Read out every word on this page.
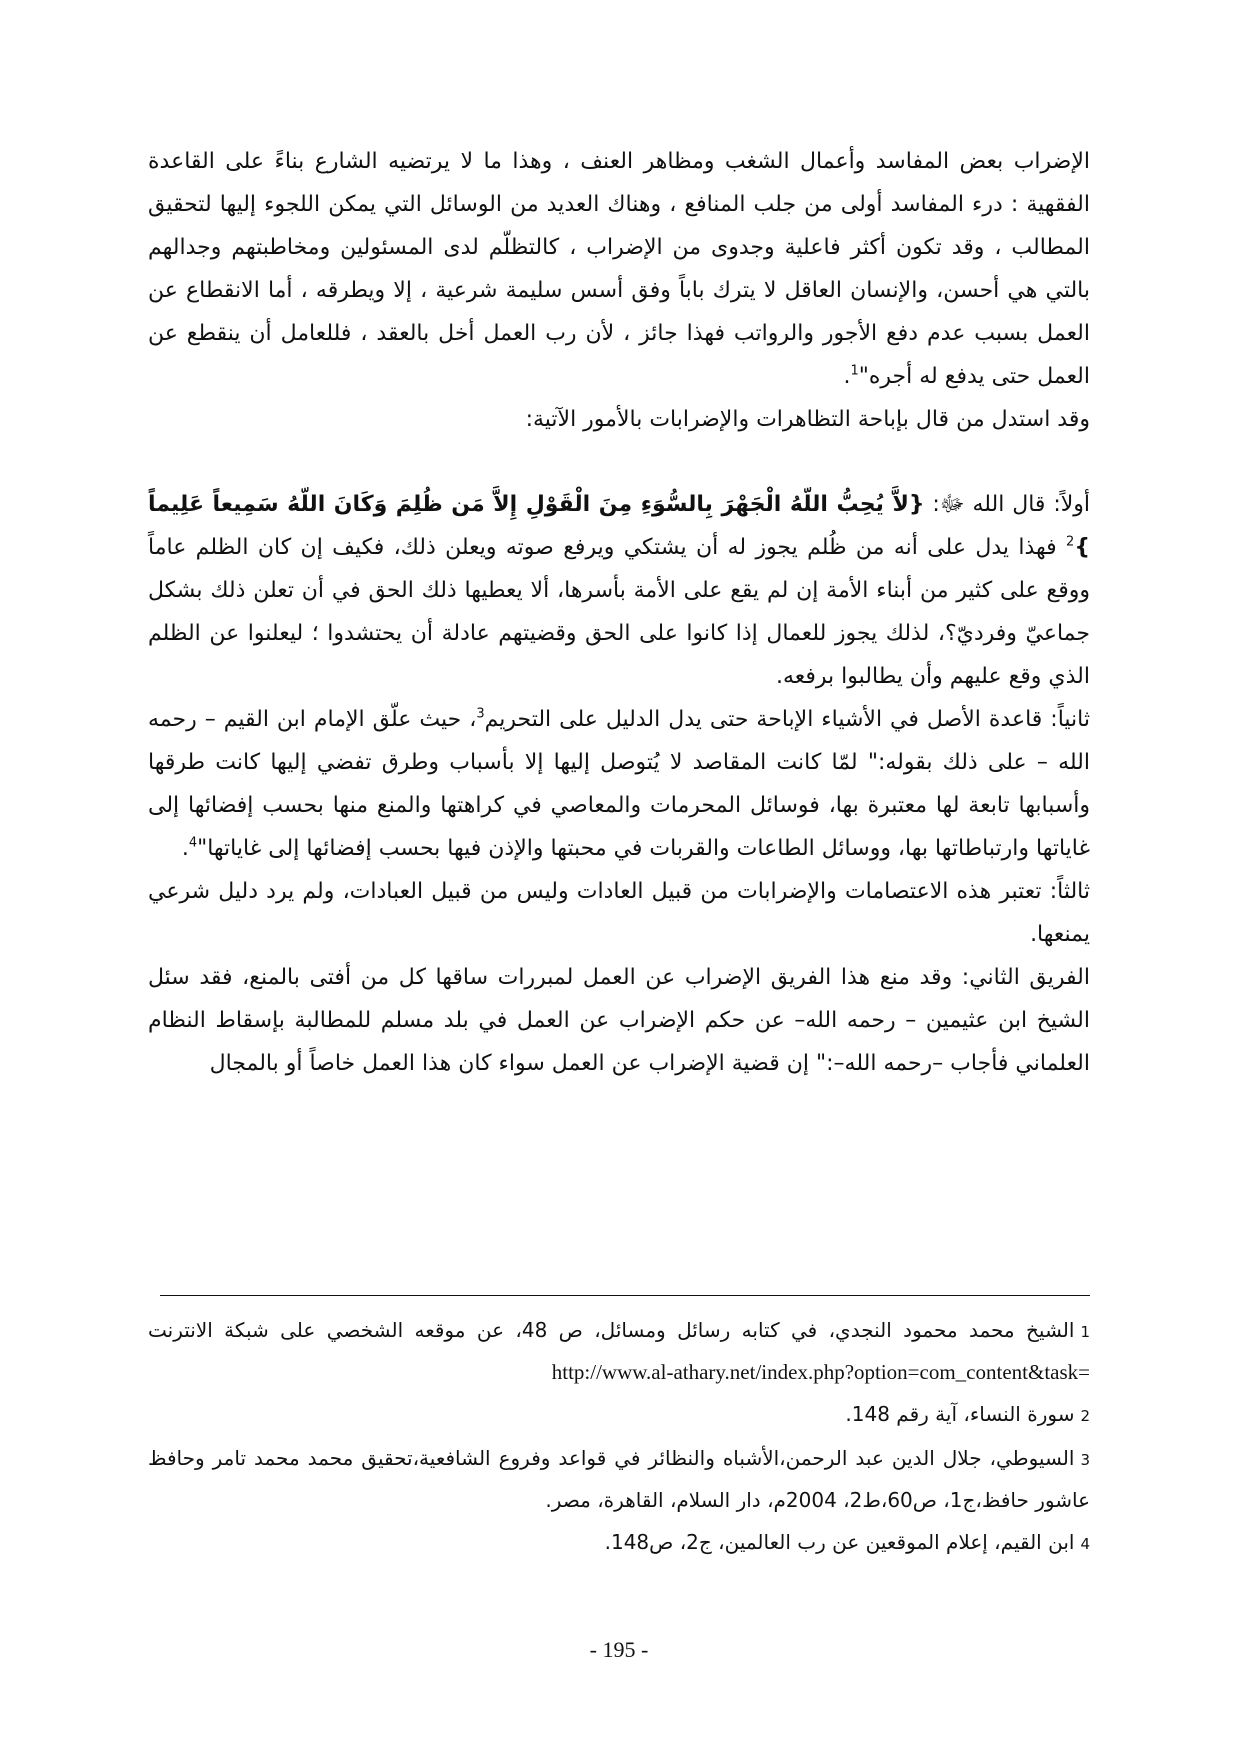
الإضراب بعض المفاسد وأعمال الشغب ومظاهر العنف ، وهذا ما لا يرتضيه الشارع بناءً على القاعدة الفقهية : درء المفاسد أولى من جلب المنافع ، وهناك العديد من الوسائل التي يمكن اللجوء إليها لتحقيق المطالب ، وقد تكون أكثر فاعلية وجدوى من الإضراب ، كالتظلّم لدى المسئولين ومخاطبتهم وجدالهم بالتي هي أحسن، والإنسان العاقل لا يترك باباً وفق أسس سليمة شرعية ، إلا ويطرقه ، أما الانقطاع عن العمل بسبب عدم دفع الأجور والرواتب فهذا جائز ، لأن رب العمل أخل بالعقد ، فللعامل أن ينقطع عن العمل حتى يدفع له أجره"$^1$.

وقد استدل من قال بإباحة التظاهرات والإضرابات بالأمور الآتية:

أولاً: قال الله ﷻ: {لاَّ يُحِبُّ اللّهُ الْجَهْرَ بِالسُّوَءِ مِنَ الْقَوْلِ إِلاَّ مَن ظُلِمَ وَكَانَ اللّهُ سَمِيعاً عَلِيماً }$^2$ فهذا يدل على أنه من ظُلم يجوز له أن يشتكي ويرفع صوته ويعلن ذلك، فكيف إن كان الظلم عاماً ووقع على كثير من أبناء الأمة إن لم يقع على الأمة بأسرها، ألا يعطيها ذلك الحق في أن تعلن ذلك بشكل جماعيّ وفرديّ؟، لذلك يجوز للعمال إذا كانوا على الحق وقضيتهم عادلة أن يحتشدوا ؛ ليعلنوا عن الظلم الذي وقع عليهم وأن يطالبوا برفعه.

ثانياً: قاعدة الأصل في الأشياء الإباحة حتى يدل الدليل على التحريم$^3$، حيث علّق الإمام ابن القيم – رحمه الله – على ذلك بقوله:" لمّا كانت المقاصد لا يُتوصل إليها إلا بأسباب وطرق تفضي إليها كانت طرقها وأسبابها تابعة لها معتبرة بها، فوسائل المحرمات والمعاصي في كراهتها والمنع منها بحسب إفضائها إلى غاياتها وارتباطاتها بها، ووسائل الطاعات والقربات في محبتها والإذن فيها بحسب إفضائها إلى غاياتها"$^4$.

ثالثاً: تعتبر هذه الاعتصامات والإضرابات من قبيل العادات وليس من قبيل العبادات، ولم يرد دليل شرعي يمنعها.

الفريق الثاني: وقد منع هذا الفريق الإضراب عن العمل لمبررات ساقها كل من أفتى بالمنع، فقد سئل الشيخ ابن عثيمين – رحمه الله– عن حكم الإضراب عن العمل في بلد مسلم للمطالبة بإسقاط النظام العلماني فأجاب –رحمه الله–:" إن قضية الإضراب عن العمل سواء كان هذا العمل خاصاً أو بالمجال

1الشيخ محمد محمود النجدي، في كتابه رسائل ومسائل، ص 48، عن موقعه الشخصي على شبكة الانترنت http://www.al-athary.net/index.php?option=com_content&task=

2سورة النساء، آية رقم 148.

3السيوطي، جلال الدين عبد الرحمن،الأشباه والنظائر في قواعد وفروع الشافعية،تحقيق محمد محمد تامر وحافظ عاشور حافظ،ج1، ص60،ط2، 2004م، دار السلام، القاهرة، مصر.

4ابن القيم، إعلام الموقعين عن رب العالمين، ج2، ص148.

- 195 -
